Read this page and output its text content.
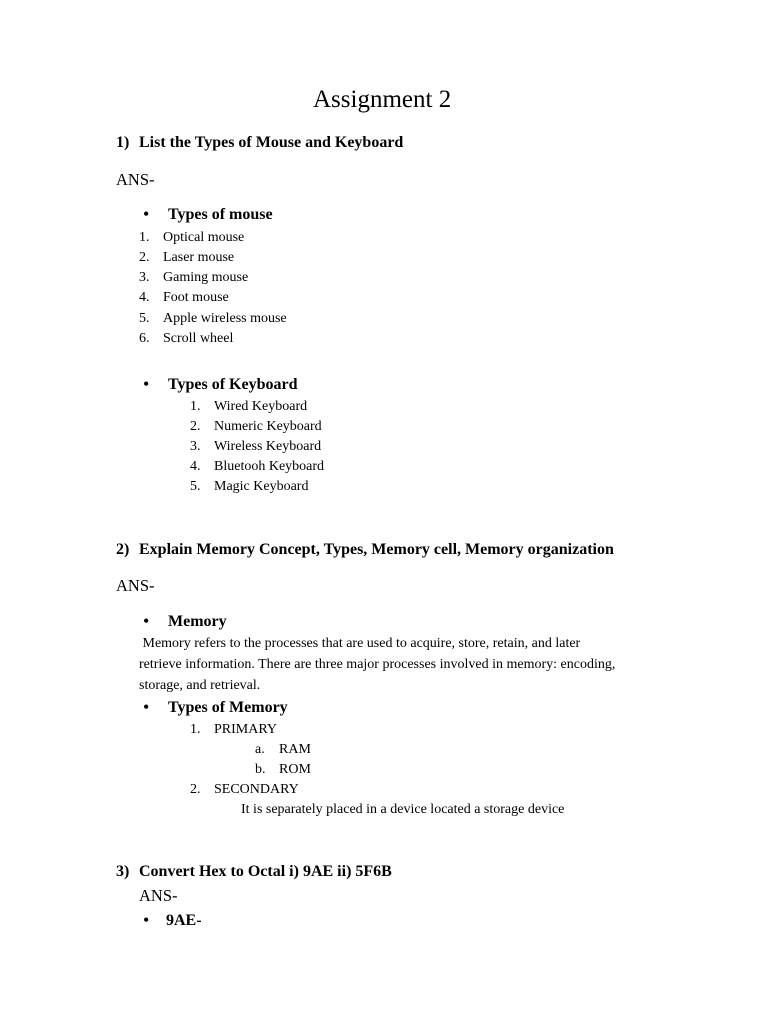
Assignment 2
1) List the Types of Mouse and Keyboard
ANS-
• Types of mouse
1. Optical mouse
2. Laser mouse
3. Gaming mouse
4. Foot mouse
5. Apple wireless mouse
6. Scroll wheel
• Types of Keyboard
1. Wired Keyboard
2. Numeric Keyboard
3. Wireless Keyboard
4. Bluetooh Keyboard
5. Magic Keyboard
2) Explain Memory Concept, Types, Memory cell, Memory organization
ANS-
• Memory
Memory refers to the processes that are used to acquire, store, retain, and later
retrieve information. There are three major processes involved in memory: encoding,
storage, and retrieval.
• Types of Memory
1. PRIMARY
a. RAM
b. ROM
2. SECONDARY
It is separately placed in a device located a storage device
3) Convert Hex to Octal i) 9AE ii) 5F6B
ANS-
• 9AE-
